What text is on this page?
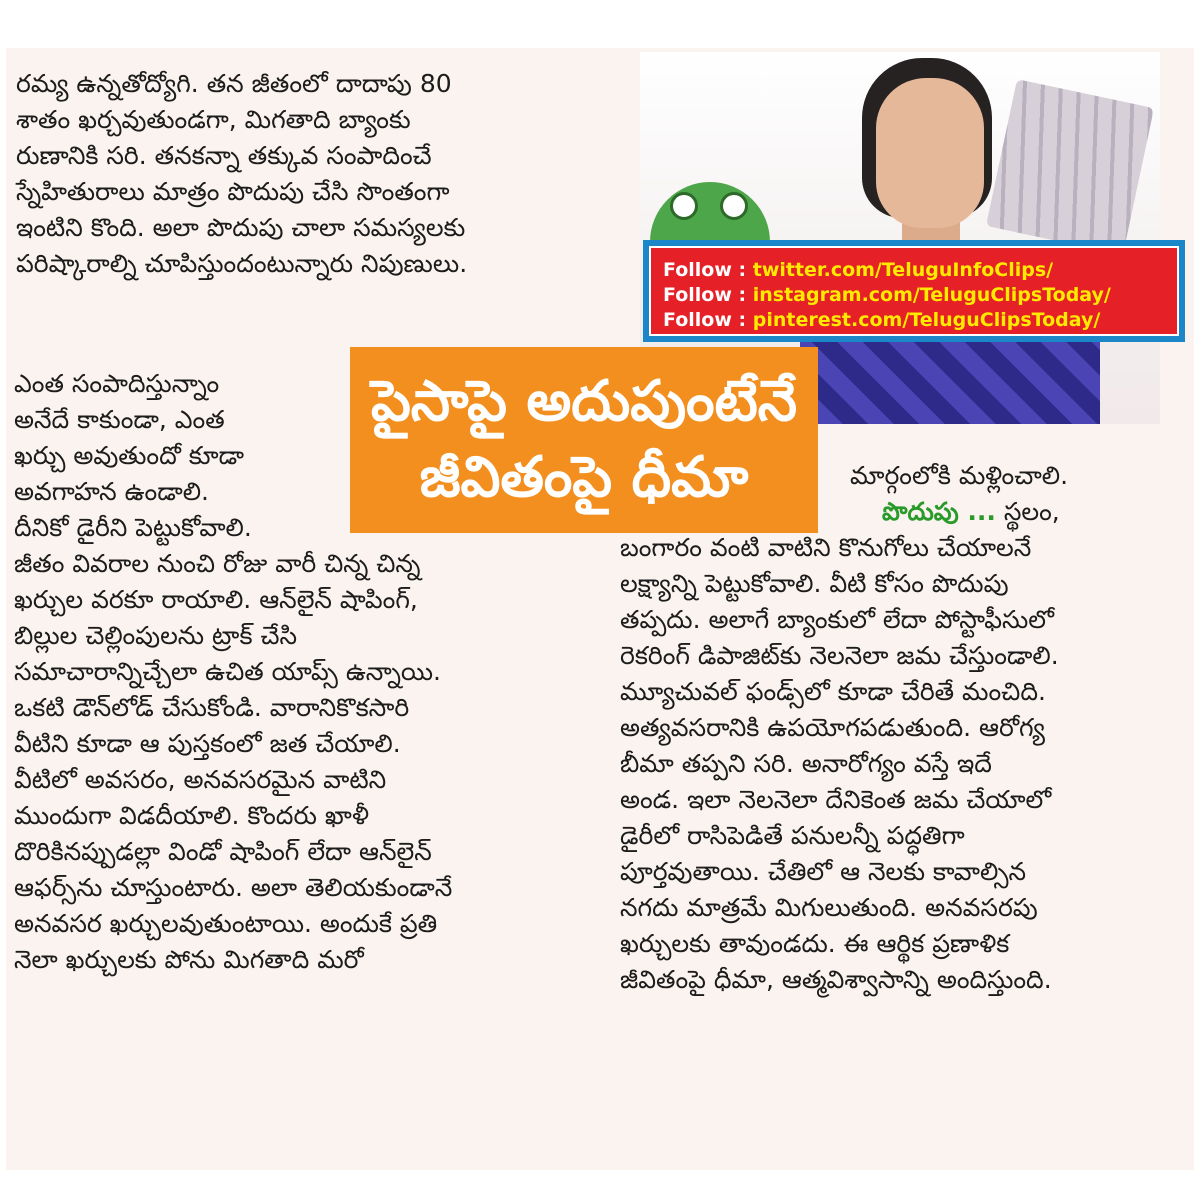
రమ్య ఉన్నతోద్యోగి. తన జీతంలో దాదాపు 80
శాతం ఖర్చవుతుండగా, మిగతాది బ్యాంకు
రుణానికి సరి. తనకన్నా తక్కువ సంపాదించే
స్నేహితురాలు మాత్రం పొదుపు చేసి సొంతంగా
ఇంటిని కొంది. అలా పొదుపు చాలా సమస్యలకు
పరిష్కారాల్ని చూపిస్తుందంటున్నారు నిపుణులు.	Follow : twitter.com/TeluguInfoClips/
Follow : instagram.com/TeluguClipsToday/
Follow : pinterest.com/TeluguClipsToday/
పైసాపై అదుపుంటేనే
జీవితంపై ధీమా
ఎంత సంపాదిస్తున్నాం
అనేదే కాకుండా, ఎంత
ఖర్చు అవుతుందో కూడా
అవగాహన ఉండాలి.
దీనికో డైరీని పెట్టుకోవాలి.
జీతం వివరాల నుంచి రోజు వారీ చిన్న చిన్న
ఖర్చుల వరకూ రాయాలి. ఆన్‌లైన్ షాపింగ్,
బిల్లుల చెల్లింపులను ట్రాక్ చేసి
సమాచారాన్నిచ్చేలా ఉచిత యాప్స్ ఉన్నాయి.
ఒకటి డౌన్‌లోడ్ చేసుకోండి. వారానికొకసారి
వీటిని కూడా ఆ పుస్తకంలో జత చేయాలి.
వీటిలో అవసరం, అనవసరమైన వాటిని
ముందుగా విడదీయాలి. కొందరు ఖాళీ
దొరికినప్పుడల్లా విండో షాపింగ్ లేదా ఆన్‌లైన్
ఆఫర్స్‌ను చూస్తుంటారు. అలా తెలియకుండానే
అనవసర ఖర్చులవుతుంటాయి. అందుకే ప్రతి
నెలా ఖర్చులకు పోను మిగతాది మరో
మార్గంలోకి మళ్లించాలి.
పొదుపు ... స్థలం,
బంగారం వంటి వాటిని కొనుగోలు చేయాలనే
లక్ష్యాన్ని పెట్టుకోవాలి. వీటి కోసం పొదుపు
తప్పదు. అలాగే బ్యాంకులో లేదా పోస్టాఫీసులో
రెకరింగ్ డిపాజిట్‌కు నెలనెలా జమ చేస్తుండాలి.
మ్యూచువల్ ఫండ్స్‌లో కూడా చేరితే మంచిది.
అత్యవసరానికి ఉపయోగపడుతుంది. ఆరోగ్య
బీమా తప్పని సరి. అనారోగ్యం వస్తే ఇదే
అండ. ఇలా నెలనెలా దేనికెంత జమ చేయాలో
డైరీలో రాసిపెడితే పనులన్నీ పద్ధతిగా
పూర్తవుతాయి. చేతిలో ఆ నెలకు కావాల్సిన
నగదు మాత్రమే మిగులుతుంది. అనవసరపు
ఖర్చులకు తావుండదు. ఈ ఆర్థిక ప్రణాళిక
జీవితంపై ధీమా, ఆత్మవిశ్వాసాన్ని అందిస్తుంది.
